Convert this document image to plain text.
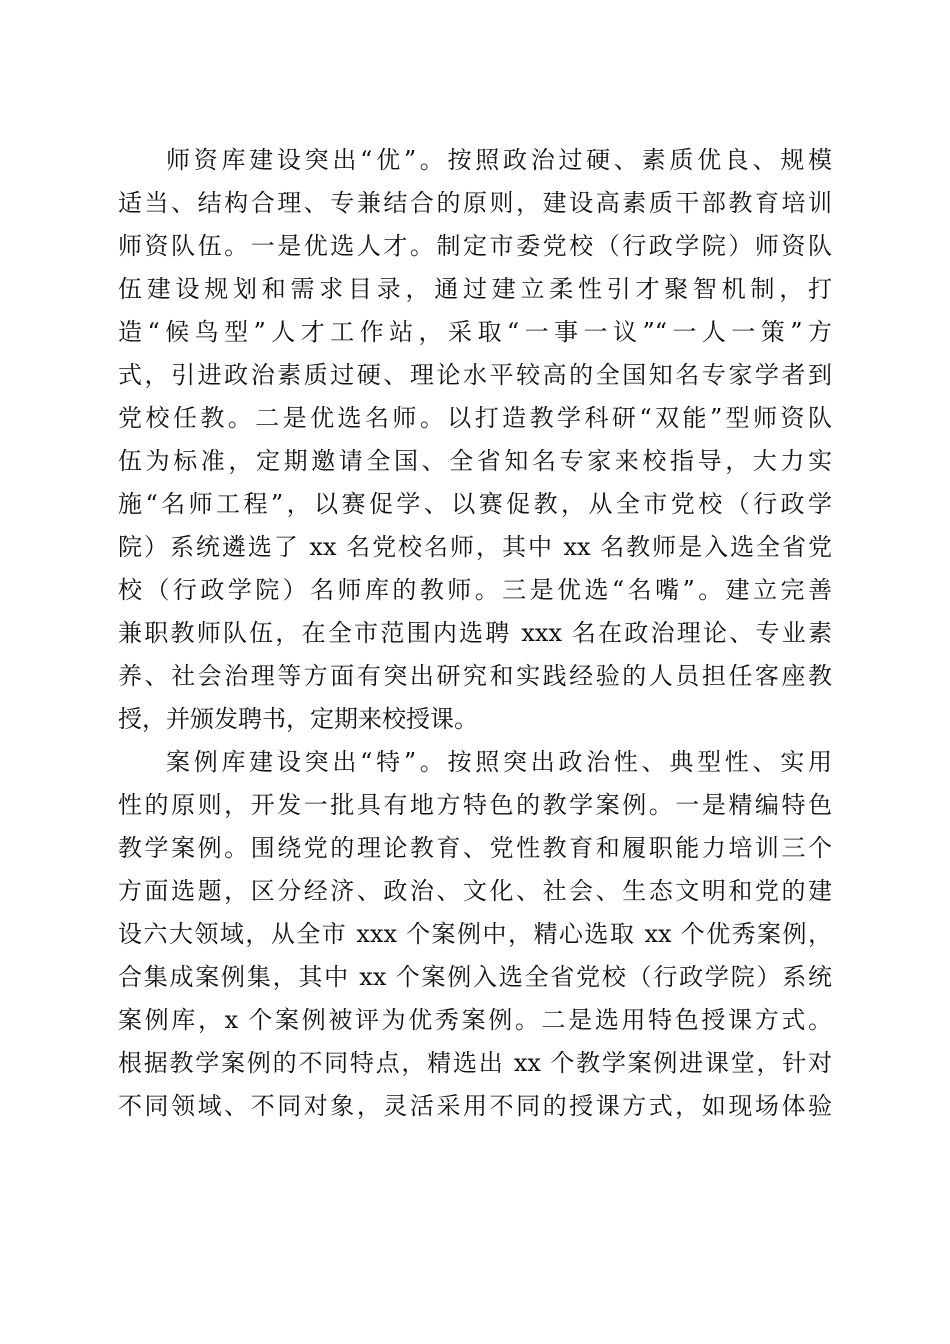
师资库建设突出“优”。按照政治过硬、素质优良、规模
适当、结构合理、专兼结合的原则，建设高素质干部教育培训
师资队伍。一是优选人才。制定市委党校（行政学院）师资队
伍建设规划和需求目录，通过建立柔性引才聚智机制，打
造“候鸟型”人才工作站，采取“一事一议”“一人一策”方
式，引进政治素质过硬、理论水平较高的全国知名专家学者到
党校任教。二是优选名师。以打造教学科研“双能”型师资队
伍为标准，定期邀请全国、全省知名专家来校指导，大力实
施“名师工程”，以赛促学、以赛促教，从全市党校（行政学
院）系统遴选了 xx 名党校名师，其中 xx 名教师是入选全省党
校（行政学院）名师库的教师。三是优选“名嘴”。建立完善
兼职教师队伍，在全市范围内选聘 xxx 名在政治理论、专业素
养、社会治理等方面有突出研究和实践经验的人员担任客座教
授，并颁发聘书，定期来校授课。
案例库建设突出“特”。按照突出政治性、典型性、实用
性的原则，开发一批具有地方特色的教学案例。一是精编特色
教学案例。围绕党的理论教育、党性教育和履职能力培训三个
方面选题，区分经济、政治、文化、社会、生态文明和党的建
设六大领域，从全市 xxx 个案例中，精心选取 xx 个优秀案例，
合集成案例集，其中 xx 个案例入选全省党校（行政学院）系统
案例库，x 个案例被评为优秀案例。二是选用特色授课方式。
根据教学案例的不同特点，精选出 xx 个教学案例进课堂，针对
不同领域、不同对象，灵活采用不同的授课方式，如现场体验
